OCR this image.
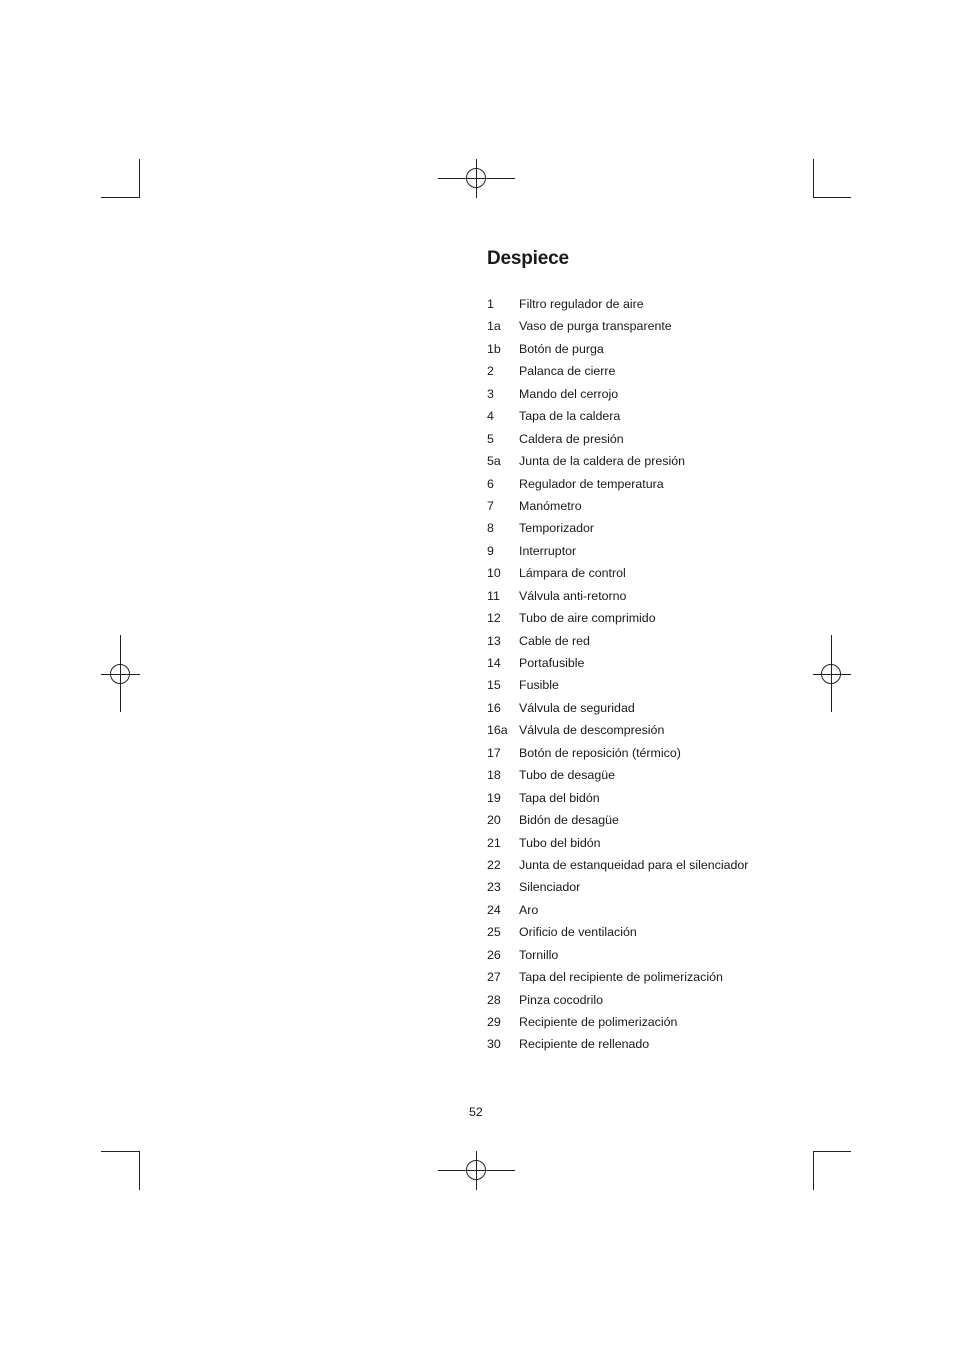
Despiece
1	Filtro regulador de aire
1a	Vaso de purga transparente
1b	Botón de purga
2	Palanca de cierre
3	Mando del cerrojo
4	Tapa de la caldera
5	Caldera de presión
5a	Junta de la caldera de presión
6	Regulador de temperatura
7	Manómetro
8	Temporizador
9	Interruptor
10	Lámpara de control
11	Válvula anti-retorno
12	Tubo de aire comprimido
13	Cable de red
14	Portafusible
15	Fusible
16	Válvula de seguridad
16a Válvula de descompresión
17	Botón de reposición (térmico)
18	Tubo de desagüe
19	Tapa del bidón
20	Bidón de desagüe
21	Tubo del bidón
22	Junta de estanqueidad para el silenciador
23	Silenciador
24	Aro
25	Orificio de ventilación
26	Tornillo
27	Tapa del recipiente de polimerización
28	Pinza cocodrilo
29	Recipiente de polimerización
30	Recipiente de rellenado
52
